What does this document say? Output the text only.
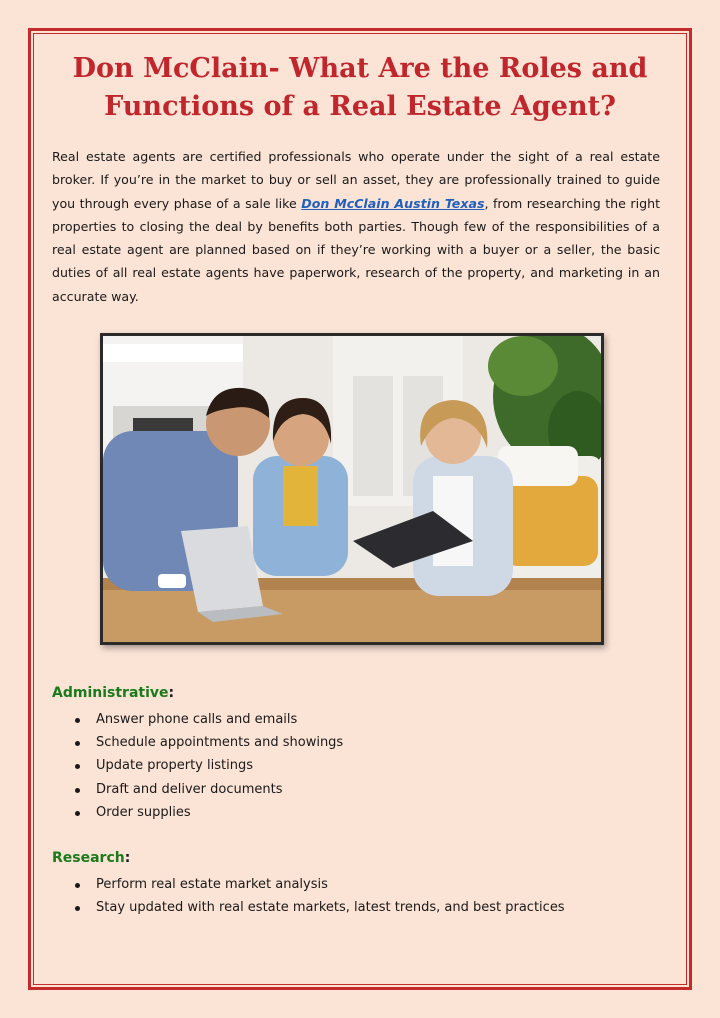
Don McClain- What Are the Roles and Functions of a Real Estate Agent?

Real estate agents are certified professionals who operate under the sight of a real estate broker. If you’re in the market to buy or sell an asset, they are professionally trained to guide you through every phase of a sale like Don McClain Austin Texas, from researching the right properties to closing the deal by benefits both parties. Though few of the responsibilities of a real estate agent are planned based on if they’re working with a buyer or a seller, the basic duties of all real estate agents have paperwork, research of the property, and marketing in an accurate way.

Administrative:
Answer phone calls and emails
Schedule appointments and showings
Update property listings
Draft and deliver documents
Order supplies
Research:
Perform real estate market analysis
Stay updated with real estate markets, latest trends, and best practices
